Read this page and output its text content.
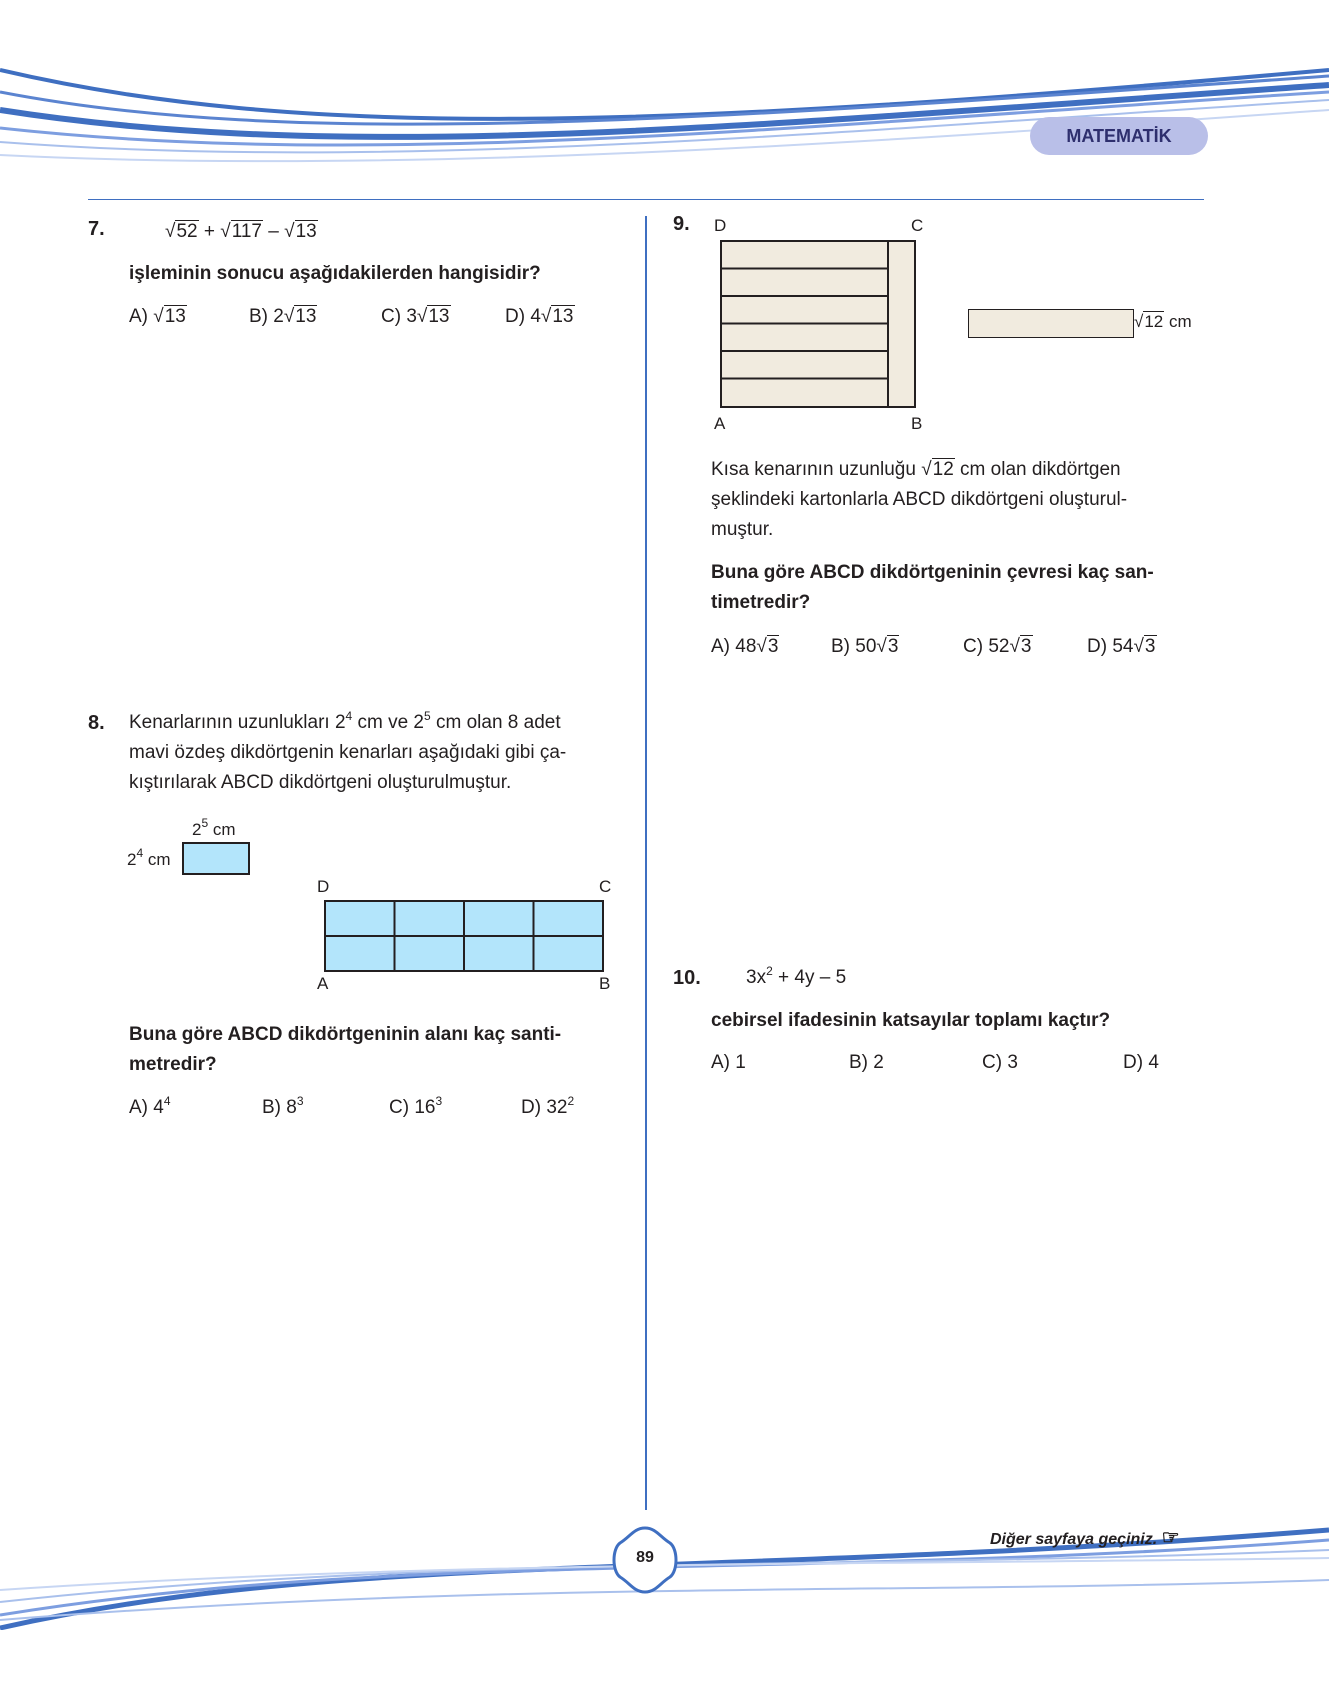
MATEMATİK
7.	√52 + √117 – √13
işleminin sonucu aşağıdakilerden hangisidir?
A) √13	B) 2√13	C) 3√13	D) 4√13
8. Kenarlarının uzunlukları $2^4$ cm ve $2^5$ cm olan 8 adet
mavi özdeş dikdörtgenin kenarları aşağıdaki gibi ça-
kıştırılarak ABCD dikdörtgeni oluşturulmuştur.
$2^5$ cm
$2^4$ cm
D	C
A	B
Buna göre ABCD dikdörtgeninin alanı kaç santi-
metredir?
A) $4^4$	B) $8^3$	C) $16^3$	D) $32^2$
9. D	C
A	B
√12 cm
Kısa kenarının uzunluğu √12 cm olan dikdörtgen
şeklindeki kartonlarla ABCD dikdörtgeni oluşturul-
muştur.
Buna göre ABCD dikdörtgeninin çevresi kaç san-
timetredir?
A) 48√3	B) 50√3	C) 52√3	D) 54√3
10. $3x^2 + 4y - 5$
cebirsel ifadesinin katsayılar toplamı kaçtır?
A) 1	B) 2	C) 3	D) 4
Diğer sayfaya geçiniz. ☞
89
